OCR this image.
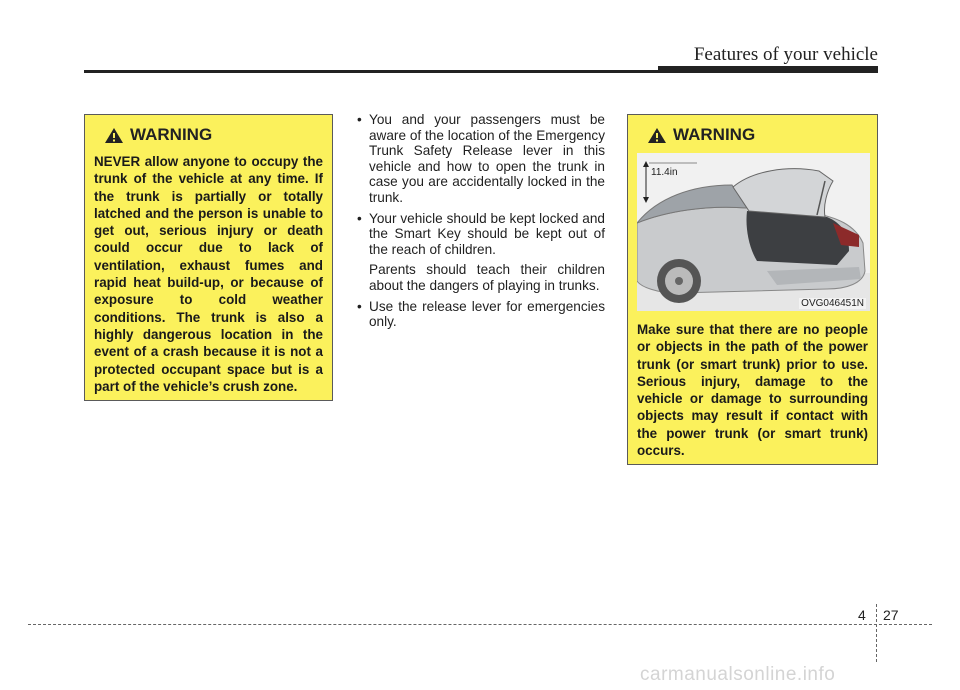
Features of your vehicle
WARNING
NEVER allow anyone to occupy the trunk of the vehicle at any time. If the trunk is partially or totally latched and the person is unable to get out, serious injury or death could occur due to lack of ventilation, exhaust fumes and rapid heat build-up, or because of exposure to cold weather conditions. The trunk is also a highly dangerous location in the event of a crash because it is not a protected occupant space but is a part of the vehicle’s crush zone.
• You and your passengers must be aware of the location of the Emergency Trunk Safety Release lever in this vehicle and how to open the trunk in case you are accidentally locked in the trunk.
• Your vehicle should be kept locked and the Smart Key should be kept out of the reach of children.
Parents should teach their children about the dangers of playing in trunks.
• Use the release lever for emergencies only.
WARNING
11.4in
OVG046451N
Make sure that there are no people or objects in the path of the power trunk (or smart trunk) prior to use. Serious injury, damage to the vehicle or damage to surrounding objects may result if contact with the power trunk (or smart trunk) occurs.
4 27
carmanualsonline.info
